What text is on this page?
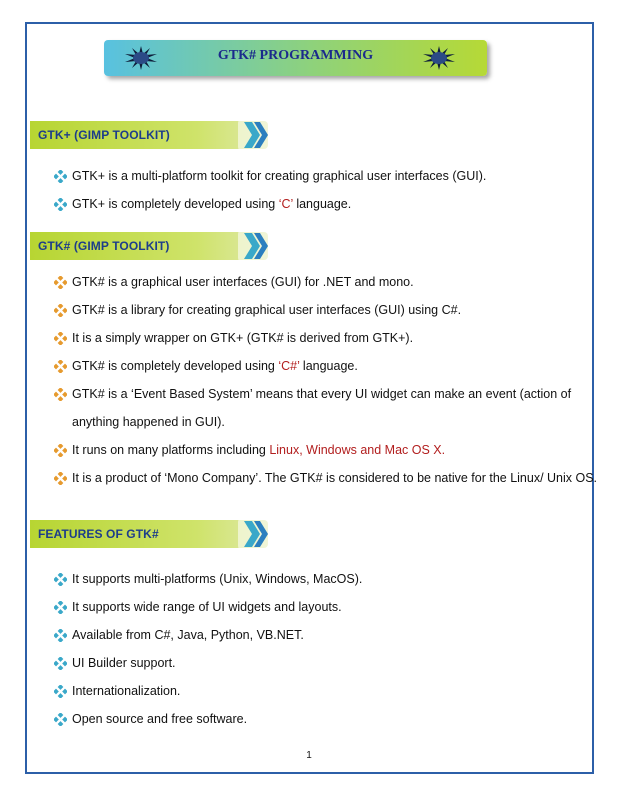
GTK# PROGRAMMING
GTK+ (GIMP TOOLKIT)
GTK+ is a multi-platform toolkit for creating graphical user interfaces (GUI).
GTK+ is completely developed using ‘C’ language.
GTK# (GIMP TOOLKIT)
GTK# is a graphical user interfaces (GUI) for .NET and mono.
GTK# is a library for creating graphical user interfaces (GUI) using C#.
It is a simply wrapper on GTK+ (GTK# is derived from GTK+).
GTK# is completely developed using ‘C#’ language.
GTK# is a ‘Event Based System’ means that every UI widget can make an event (action of anything happened in GUI).
It runs on many platforms including Linux, Windows and Mac OS X.
It is a product of ‘Mono Company’. The GTK# is considered to be native for the Linux/ Unix OS.
FEATURES OF GTK#
It supports multi-platforms (Unix, Windows, MacOS).
It supports wide range of UI widgets and layouts.
Available from C#, Java, Python, VB.NET.
UI Builder support.
Internationalization.
Open source and free software.
1
